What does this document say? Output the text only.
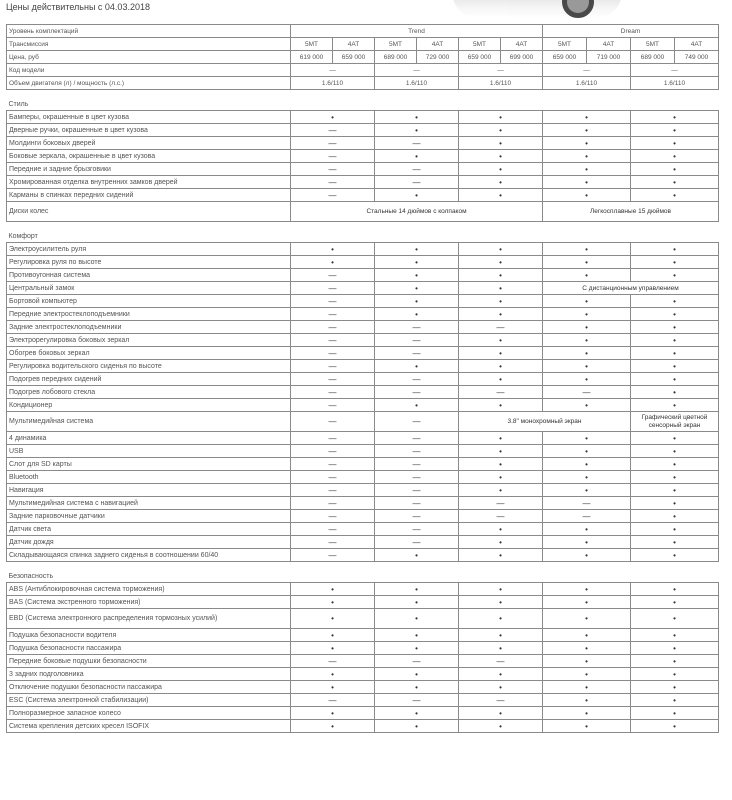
Цены действительны с 04.03.2018
Уровень комплектаций	Trend						Dream			
Трансмиссия	5MT	4AT	5MT	4AT	5MT	4AT	5MT	4AT	5MT	4AT
Цена, руб	619 000	659 000	689 000	729 000	659 000	699 000	659 000	719 000	689 000	749 000
Код модели	—		—		—		—		—	
Объем двигателя (л) / мощность (л.с.)	1.6/110		1.6/110		1.6/110		1.6/110		1.6/110	

Стиль										
Бамперы, окрашенные в цвет кузова	•		•		•		•		•	
Дверные ручки, окрашенные в цвет кузова	—		•		•		•		•	
Молдинги боковых дверей	—		—		•		•		•	
Боковые зеркала, окрашенные в цвет кузова	—		•		•		•		•	
Передние и задние брызговики	—		—		•		•		•	
Хромированная отделка внутренних замков дверей	—		—		•		•		•	
Карманы в спинках передних сидений	—		•		•		•		•	
Диски колес	Стальные 14 дюймов с колпаком						Легкосплавные 15 дюймов			

Комфорт										
Электроусилитель руля	•		•		•		•		•	
Регулировка руля по высоте	•		•		•		•		•	
Противоугонная система	—		•		•		•		•	
Центральный замок	—		•		•		С дистанционным управлением			
Бортовой компьютер	—		•		•		•		•	
Передние электростеклоподъемники	—		•		•		•		•	
Задние электростеклоподъемники	—		—		—		•		•	
Электрорегулировка боковых зеркал	—		—		•		•		•	
Обогрев боковых зеркал	—		—		•		•		•	
Регулировка водительского сиденья по высоте	—		•		•		•		•	
Подогрев передних сидений	—		—		•		•		•	
Подогрев лобового стекла	—		—		—		—		•	
Кондиционер	—		•		•		•		•	
Мультимедийная система	—		—		3.8" монохромный экран				Графический цветной сенсорный экран	
4 динамика	—		—		•		•		•	
USB	—		—		•		•		•	
Слот для SD карты	—		—		•		•		•	
Bluetooth	—		—		•		•		•	
Навигация	—		—		•		•		•	
Мультимедийная система с навигацией	—		—		—		—		•	
Задние парковочные датчики	—		—		—		—		•	
Датчик света	—		—		•		•		•	
Датчик дождя	—		—		•		•		•	
Складывающаяся спинка заднего сиденья в соотношении 60/40	—		•		•		•		•	

Безопасность										
ABS (Антиблокировочная система торможения)	•		•		•		•		•	
BAS (Система экстренного торможения)	•		•		•		•		•	
EBD (Система электронного распределения тормозных усилий)	•		•		•		•		•	
Подушка безопасности водителя	•		•		•		•		•	
Подушка безопасности пассажира	•		•		•		•		•	
Передние боковые подушки безопасности	—		—		—		•		•	
3 задних подголовника	•		•		•		•		•	
Отключение подушки безопасности пассажира	•		•		•		•		•	
ESC (Система электронной стабилизации)	—		—		—		•		•	
Полноразмерное запасное колесо	•		•		•		•		•	
Система крепления детских кресел ISOFIX	•		•		•		•		•	
